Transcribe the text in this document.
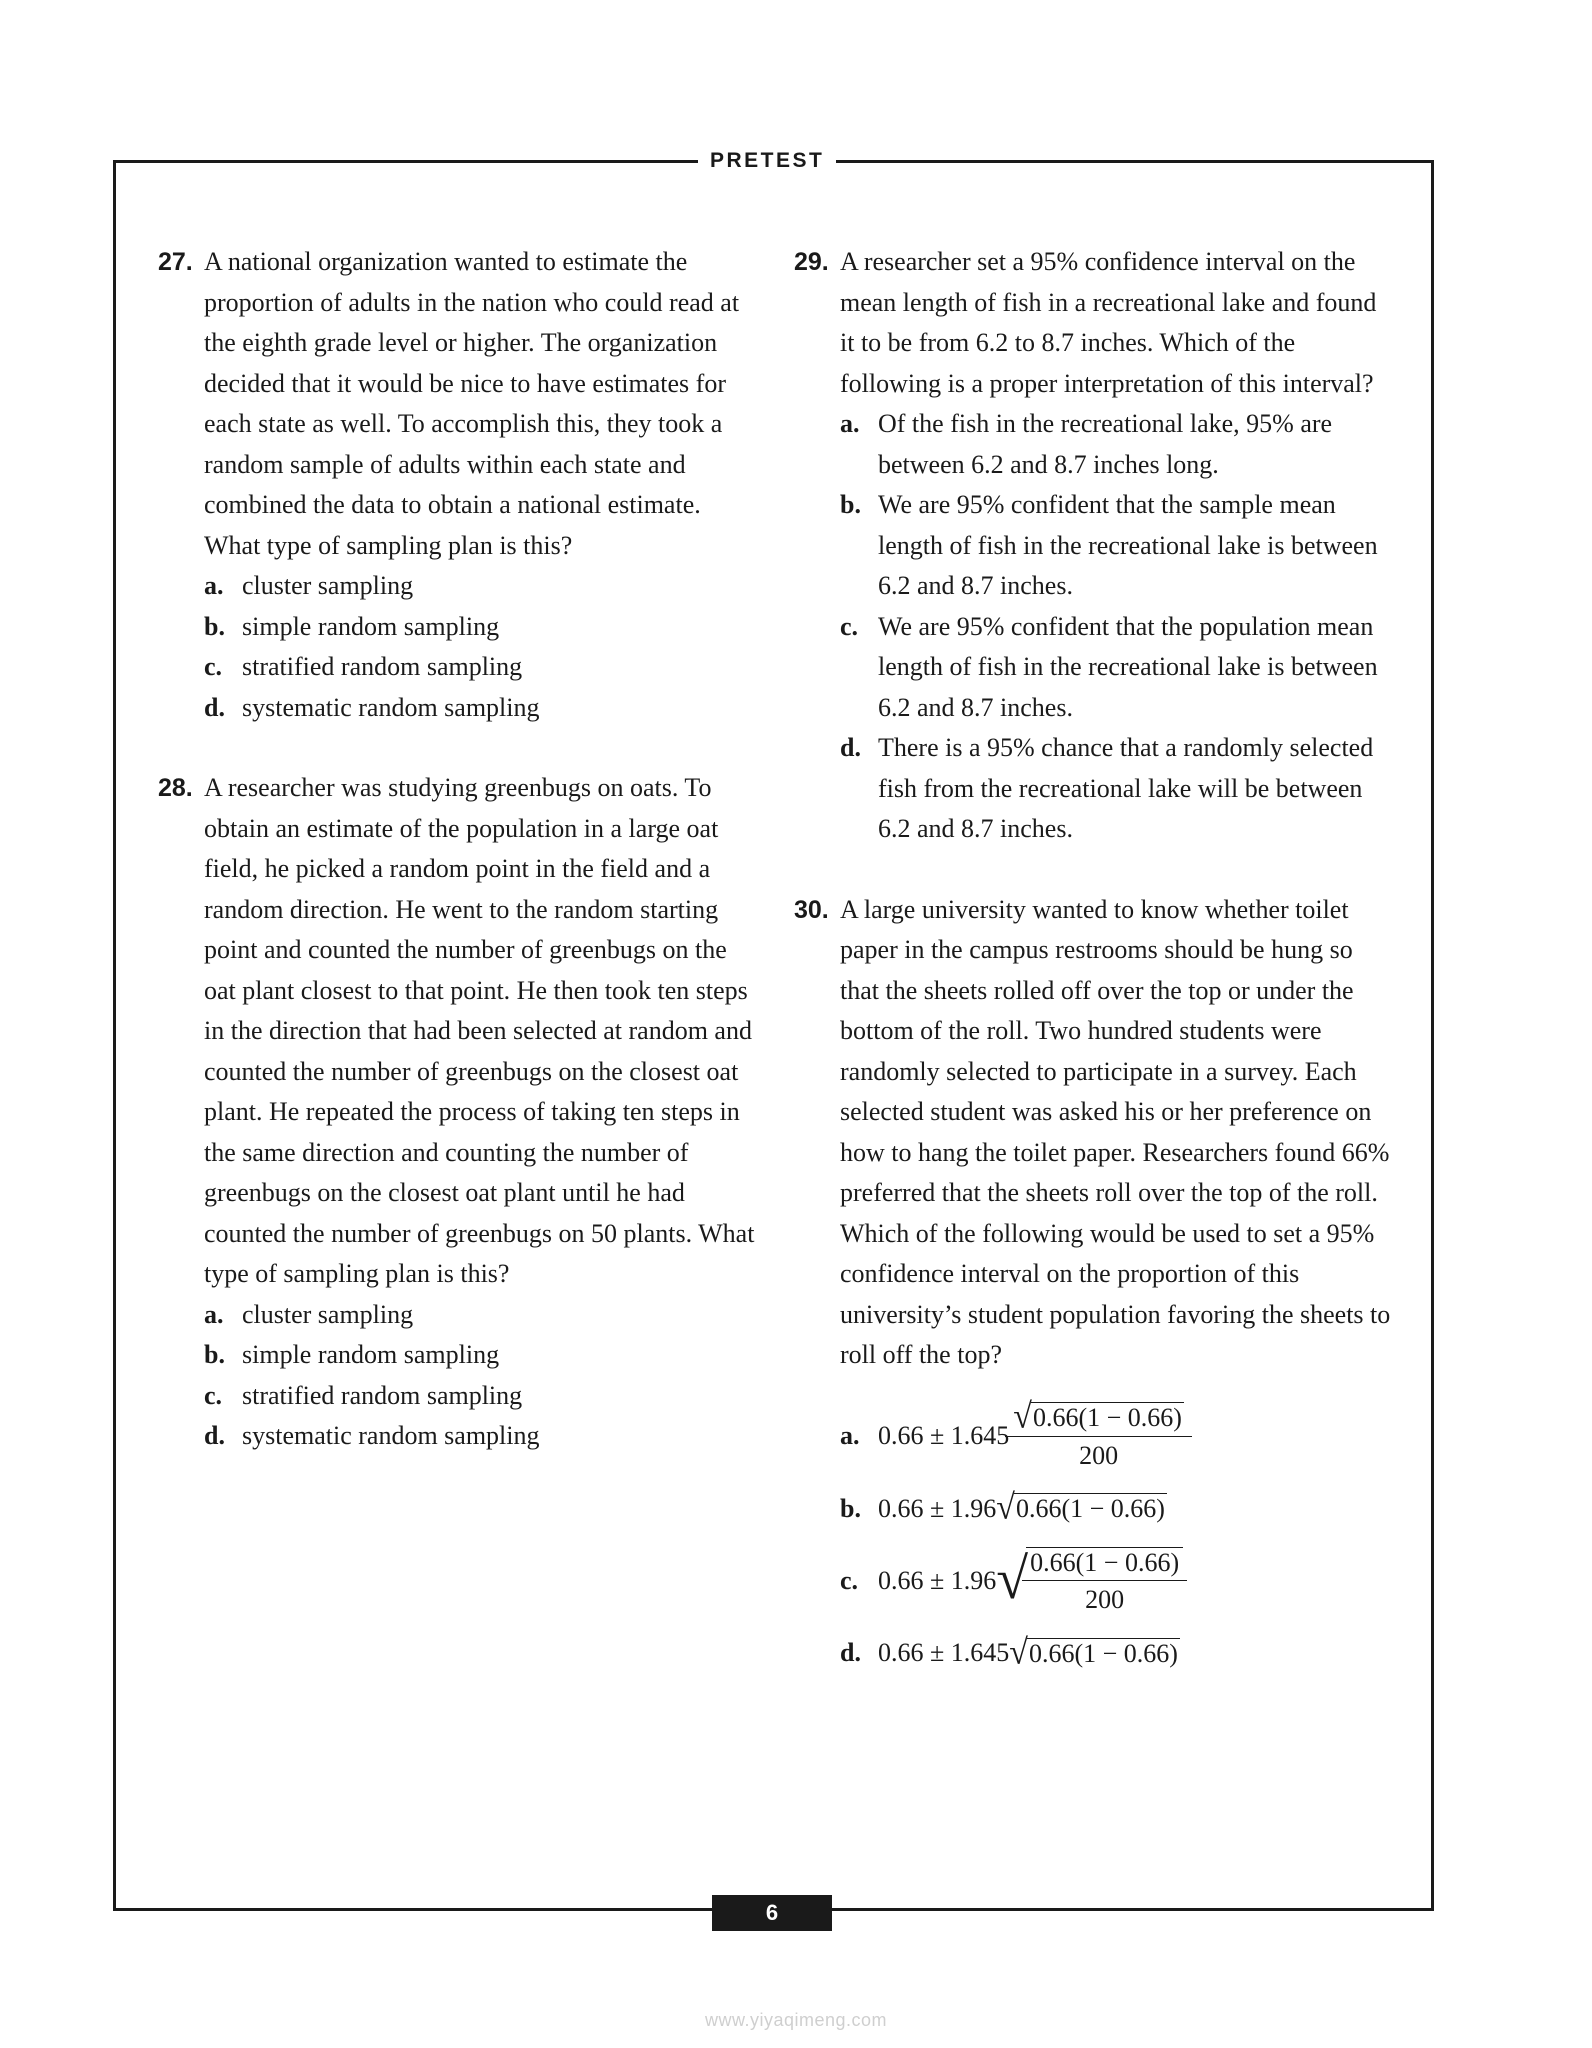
PRETEST
27. A national organization wanted to estimate the proportion of adults in the nation who could read at the eighth grade level or higher. The organization decided that it would be nice to have estimates for each state as well. To accomplish this, they took a random sample of adults within each state and combined the data to obtain a national estimate. What type of sampling plan is this?
a. cluster sampling
b. simple random sampling
c. stratified random sampling
d. systematic random sampling
28. A researcher was studying greenbugs on oats. To obtain an estimate of the population in a large oat field, he picked a random point in the field and a random direction. He went to the random starting point and counted the number of greenbugs on the oat plant closest to that point. He then took ten steps in the direction that had been selected at random and counted the number of greenbugs on the closest oat plant. He repeated the process of taking ten steps in the same direction and counting the number of greenbugs on the closest oat plant until he had counted the number of greenbugs on 50 plants. What type of sampling plan is this?
a. cluster sampling
b. simple random sampling
c. stratified random sampling
d. systematic random sampling
29. A researcher set a 95% confidence interval on the mean length of fish in a recreational lake and found it to be from 6.2 to 8.7 inches. Which of the following is a proper interpretation of this interval?
a. Of the fish in the recreational lake, 95% are between 6.2 and 8.7 inches long.
b. We are 95% confident that the sample mean length of fish in the recreational lake is between 6.2 and 8.7 inches.
c. We are 95% confident that the population mean length of fish in the recreational lake is between 6.2 and 8.7 inches.
d. There is a 95% chance that a randomly selected fish from the recreational lake will be between 6.2 and 8.7 inches.
30. A large university wanted to know whether toilet paper in the campus restrooms should be hung so that the sheets rolled off over the top or under the bottom of the roll. Two hundred students were randomly selected to participate in a survey. Each selected student was asked his or her preference on how to hang the toilet paper. Researchers found 66% preferred that the sheets roll over the top of the roll. Which of the following would be used to set a 95% confidence interval on the proportion of this university’s student population favoring the sheets to roll off the top?
a. $0.66 \pm 1.645 \frac{√ 0.66(1 - 0.66)}{200}$
b. 0.66 ± 1.96 √ 0.66(1 − 0.66)
c. 0.66 ± 1.96 √
$\frac{0.66(1 - 0.66)}{200}$
d. 0.66 ± 1.645 √ 0.66(1 − 0.66)
6
www.yiyaqimeng.com
